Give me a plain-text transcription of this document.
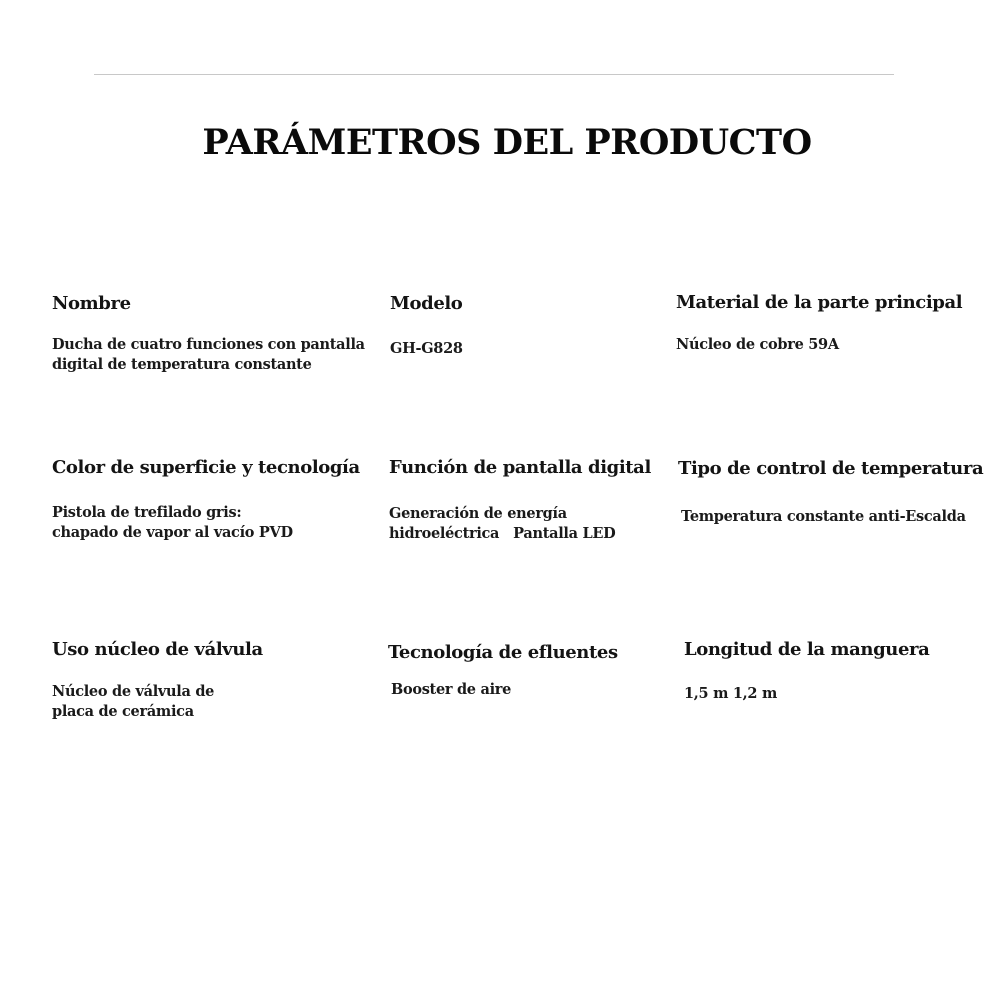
PARÁMETROS DEL PRODUCTO
Nombre
Ducha de cuatro funciones con pantalla
digital de temperatura constante
Modelo
GH-G828
Material de la parte principal
Núcleo de cobre 59A
Color de superficie y tecnología
Pistola de trefilado gris:
chapado de vapor al vacío PVD
Función de pantalla digital
Generación de energía
hidroeléctrica Pantalla LED
Tipo de control de temperatura
Temperatura constante anti-Escalda
Uso núcleo de válvula
Núcleo de válvula de
placa de cerámica
Tecnología de efluentes
Booster de aire
Longitud de la manguera
1,5 m 1,2 m
